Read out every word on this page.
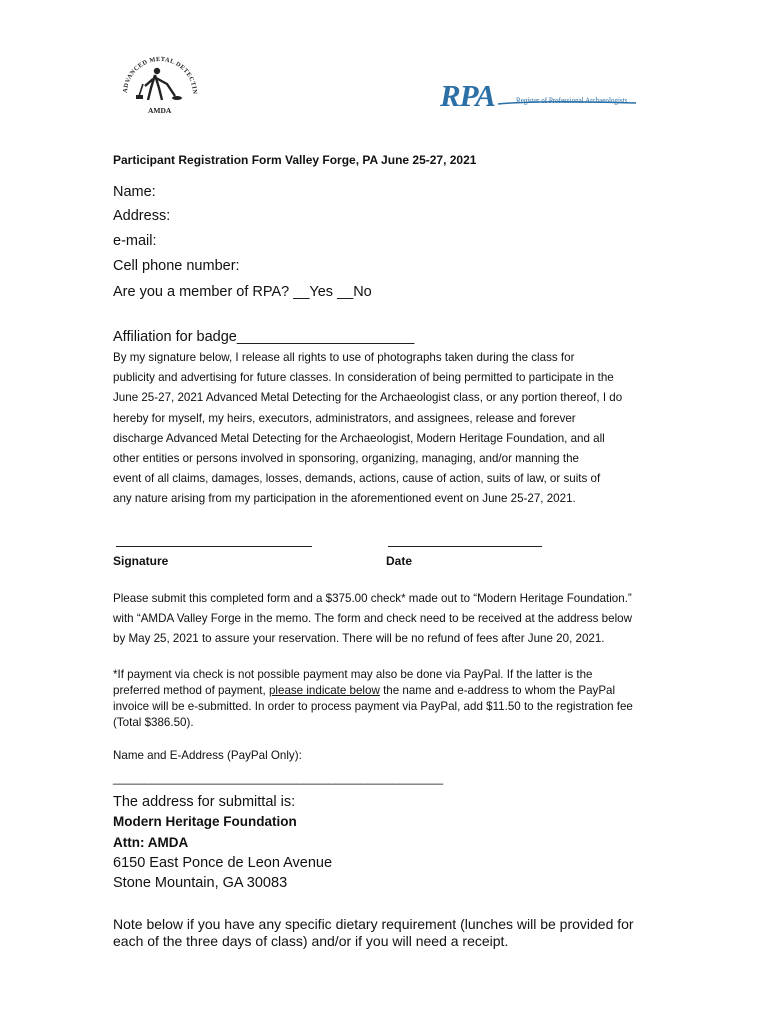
ADVANCED METAL DETECTIN
AMDA	RPA Register of Professional Archaeologists
Participant Registration Form Valley Forge, PA June 25-27, 2021
Name:
Address:
e-mail:
Cell phone number:
Are you a member of RPA? __Yes __No
Affiliation for badge______________________
By my signature below, I release all rights to use of photographs taken during the class for
publicity and advertising for future classes. In consideration of being permitted to participate in the
June 25-27, 2021 Advanced Metal Detecting for the Archaeologist class, or any portion thereof, I do
hereby for myself, my heirs, executors, administrators, and assignees, release and forever
discharge Advanced Metal Detecting for the Archaeologist, Modern Heritage Foundation, and all
other entities or persons involved in sponsoring, organizing, managing, and/or manning the
event of all claims, damages, losses, demands, actions, cause of action, suits of law, or suits of
any nature arising from my participation in the aforementioned event on June 25-27, 2021.
Signature	Date
Please submit this completed form and a $375.00 check* made out to “Modern Heritage Foundation.”
with “AMDA Valley Forge in the memo. The form and check need to be received at the address below
by May 25, 2021 to assure your reservation. There will be no refund of fees after June 20, 2021.
*If payment via check is not possible payment may also be done via PayPal. If the latter is the
preferred method of payment, please indicate below the name and e-address to whom the PayPal
invoice will be e-submitted. In order to process payment via PayPal, add $11.50 to the registration fee
(Total $386.50).
Name and E-Address (PayPal Only):
____________________________________________________
The address for submittal is:
Modern Heritage Foundation
Attn: AMDA
6150 East Ponce de Leon Avenue
Stone Mountain, GA 30083
Note below if you have any specific dietary requirement (lunches will be provided for
each of the three days of class) and/or if you will need a receipt.
